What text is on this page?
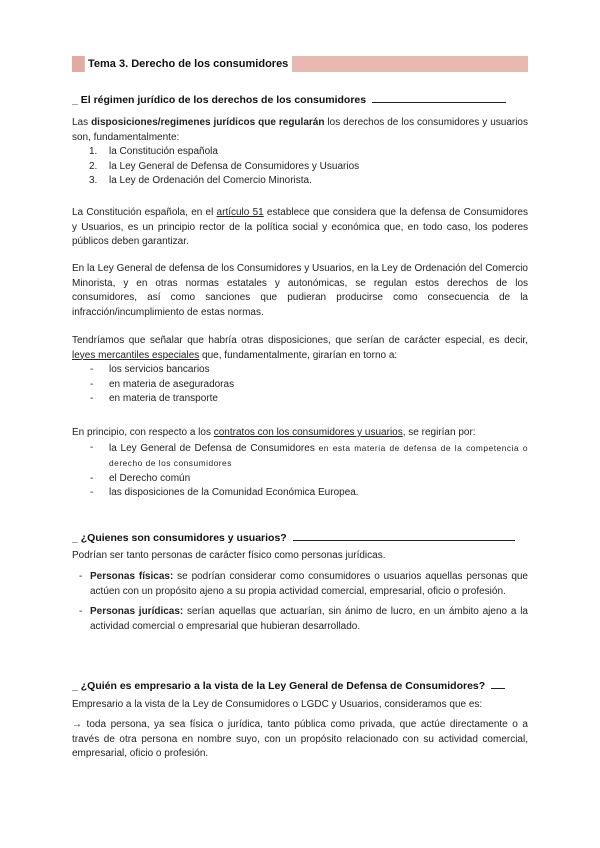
Tema 3. Derecho de los consumidores
_ El régimen jurídico de los derechos de los consumidores

Las disposiciones/regimenes jurídicos que regularán los derechos de los consumidores y usuarios son, fundamentalmente:

1. la Constitución española
2. la Ley General de Defensa de Consumidores y Usuarios
3. la Ley de Ordenación del Comercio Minorista.

La Constitución española, en el artículo 51 establece que considera que la defensa de Consumidores y Usuarios, es un principio rector de la política social y económica que, en todo caso, los poderes públicos deben garantizar.

En la Ley General de defensa de los Consumidores y Usuarios, en la Ley de Ordenación del Comercio Minorista, y en otras normas estatales y autonómicas, se regulan estos derechos de los consumidores, así como sanciones que pudieran producirse como consecuencia de la infracción/incumplimiento de estas normas.

Tendríamos que señalar que habría otras disposiciones, que serían de carácter especial, es decir, leyes mercantiles especiales que, fundamentalmente, girarían en torno a:

- los servicios bancarios
- en materia de aseguradoras
- en materia de transporte

En principio, con respecto a los contratos con los consumidores y usuarios, se regirían por:

- la Ley General de Defensa de Consumidores en esta materia de defensa de la competencia o derecho de los consumidores
- el Derecho común
- las disposiciones de la Comunidad Económica Europea.
_ ¿Quienes son consumidores y usuarios?

Podrían ser tanto personas de carácter físico como personas jurídicas.

- Personas físicas: se podrían considerar como consumidores o usuarios aquellas personas que actúen con un propósito ajeno a su propia actividad comercial, empresarial, oficio o profesión.
- Personas jurídicas: serían aquellas que actuarían, sin ánimo de lucro, en un ámbito ajeno a la actividad comercial o empresarial que hubieran desarrollado.
_ ¿Quién es empresario a la vista de la Ley General de Defensa de Consumidores?

Empresario a la vista de la Ley de Consumidores o LGDC y Usuarios, consideramos que es:

→ toda persona, ya sea física o jurídica, tanto pública como privada, que actúe directamente o a través de otra persona en nombre suyo, con un propósito relacionado con su actividad comercial, empresarial, oficio o profesión.
